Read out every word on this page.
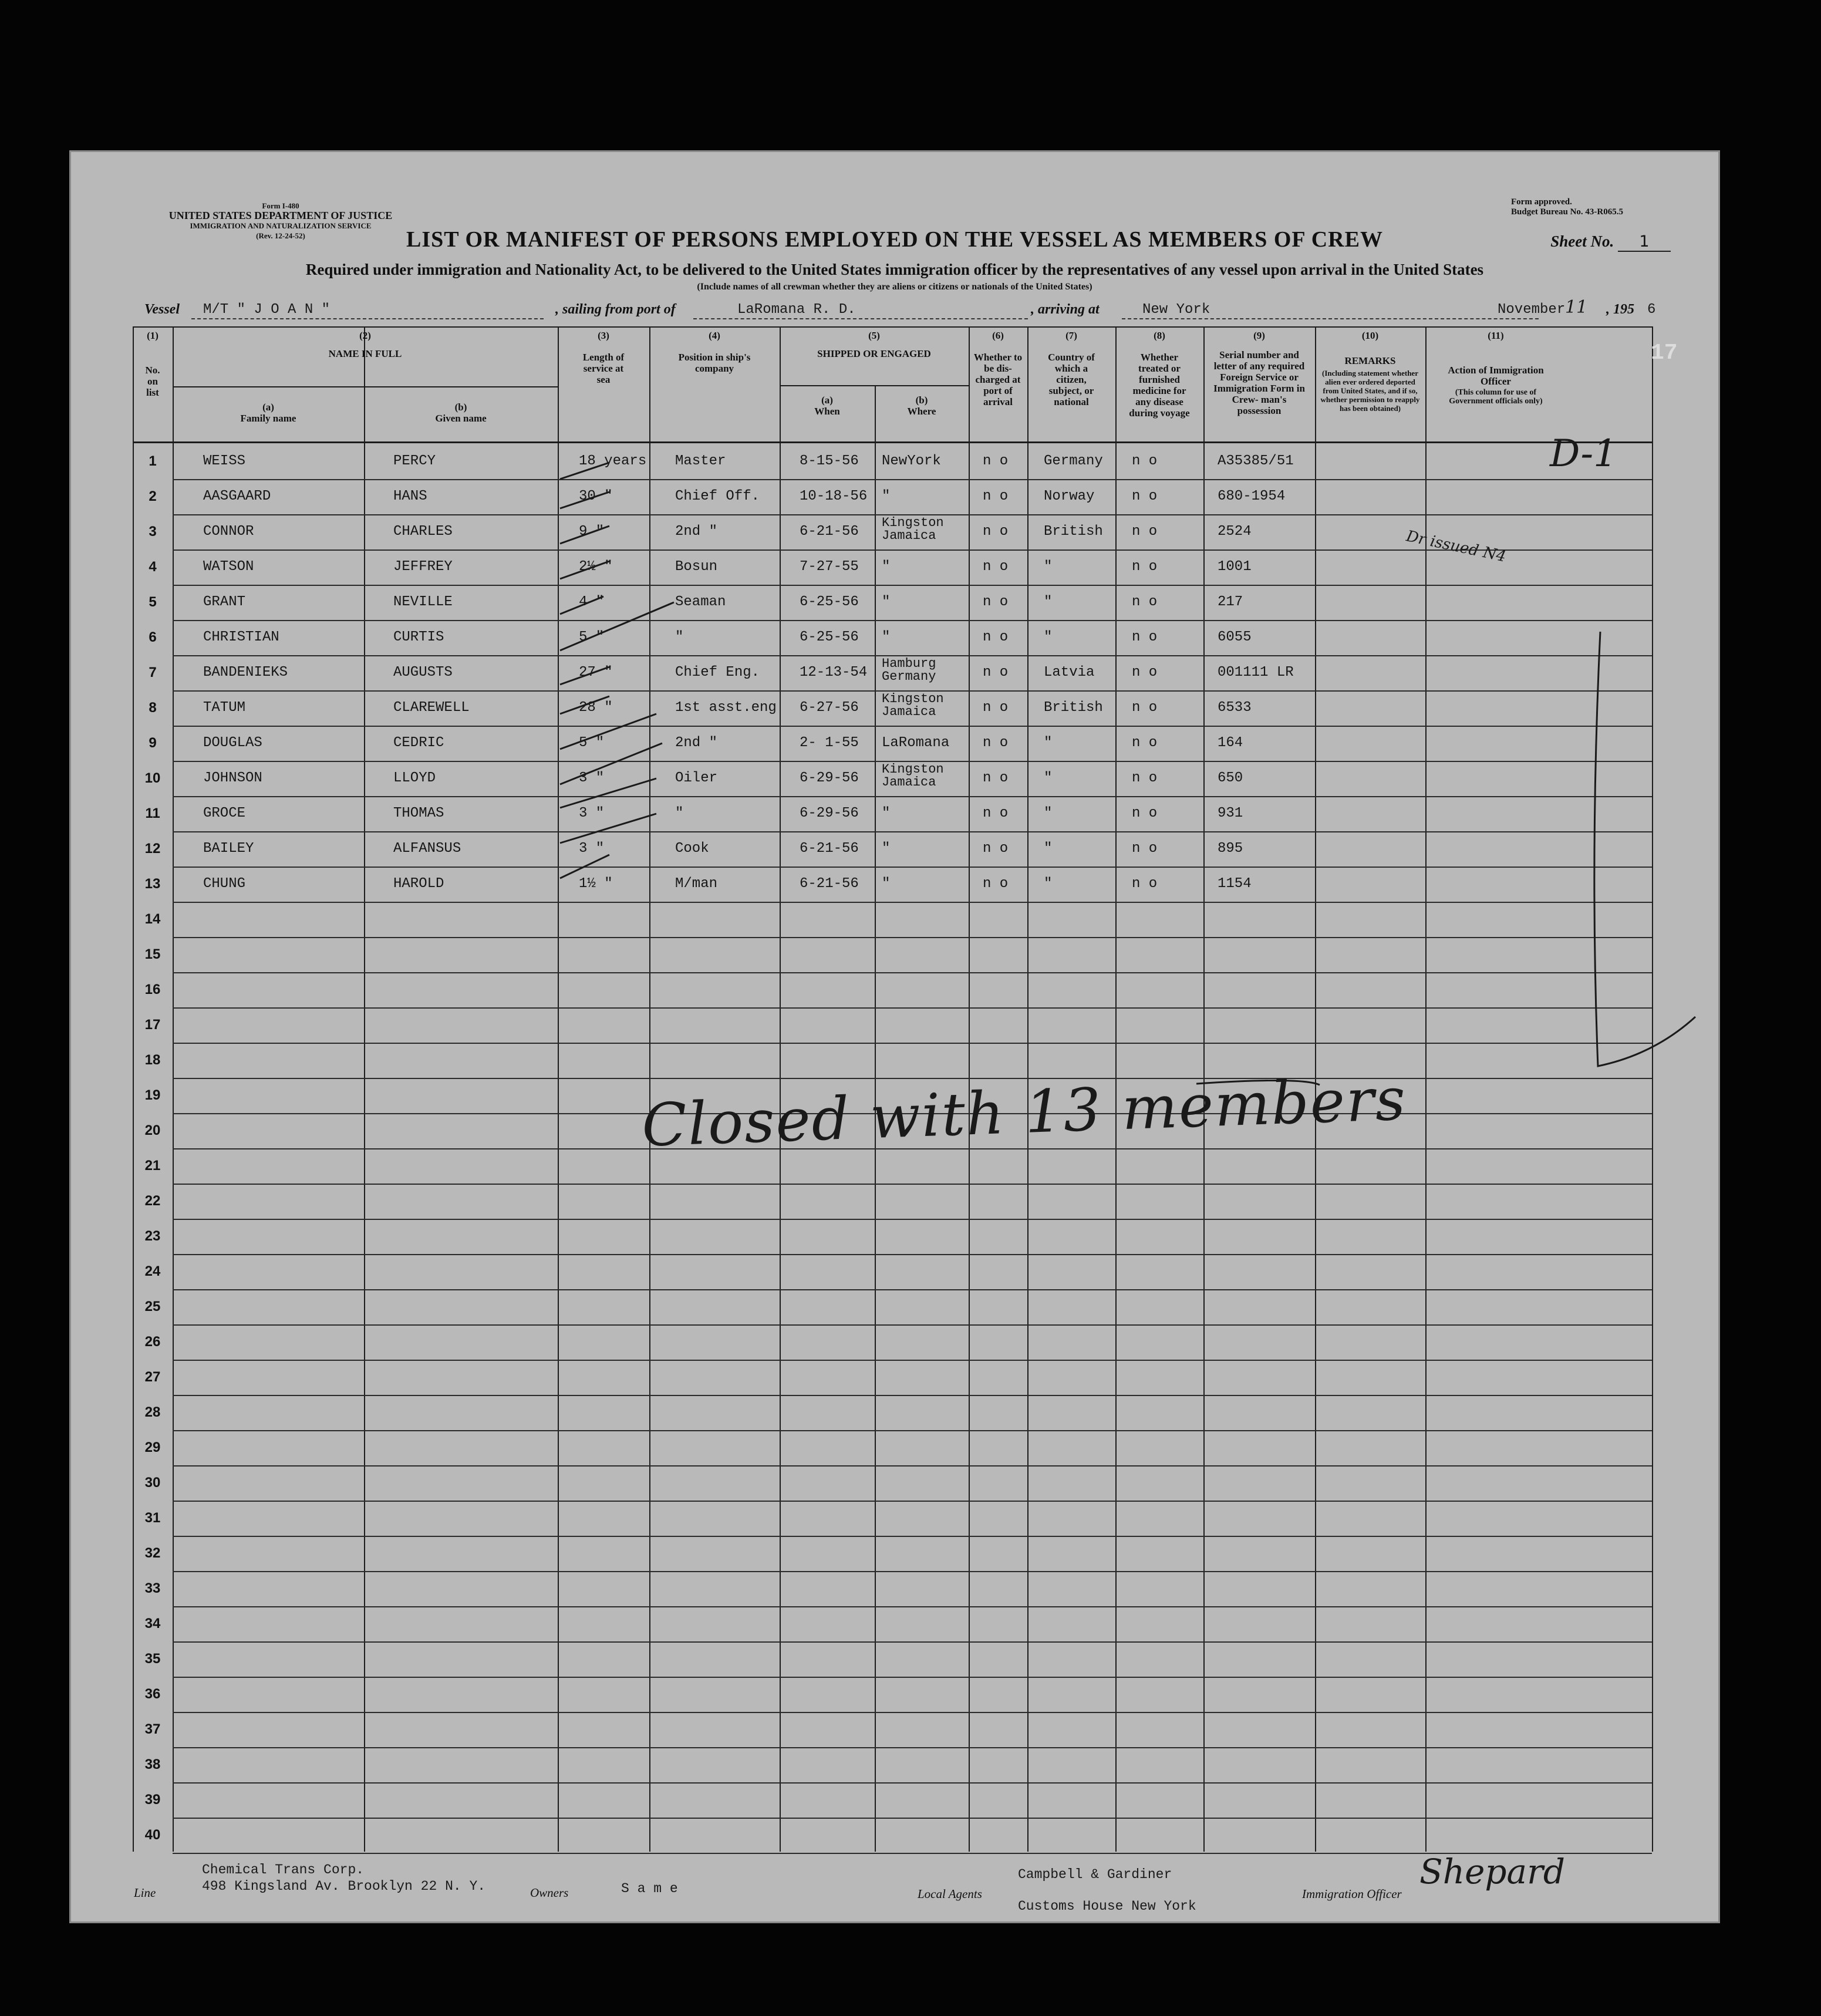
Form I-480
UNITED STATES DEPARTMENT OF JUSTICE
IMMIGRATION AND NATURALIZATION SERVICE
(Rev. 12-24-52)
Form approved.
Budget Bureau No. 43-R065.5
LIST OR MANIFEST OF PERSONS EMPLOYED ON THE VESSEL AS MEMBERS OF CREW	Sheet No. 1
Required under immigration and Nationality Act, to be delivered to the United States immigration officer by the representatives of any vessel upon arrival in the United States
(Include names of all crewman whether they are aliens or citizens or nationals of the United States)
Vessel M/T " J O A N "	, sailing from port of	LaRomana R. D.	, arriving at	New York	November 11 , 195 6
(1)
No. on list
(2)
NAME IN FULL
(a)
Family name
(b)
Given name
(3)
Length of service at sea
(4)
Position in ship's company
(5)
SHIPPED OR ENGAGED
(a)
When
(b)
Where
(6)
Whether to be dis- charged at port of arrival
(7)
Country of which a citizen, subject, or national
(8)
Whether treated or furnished medicine for any disease during voyage
(9)
Serial number and letter of any required Foreign Service or Immigration Form in Crew- man's possession
(10)
REMARKS
(Including statement whether alien ever ordered deported from United States, and if so, whether permission to reapply has been obtained)
(11)
Action of Immigration Officer
(This column for use of Government officials only)
1	WEISS	PERCY	18 years Master	8-15-56 NewYork	n o	Germany n o	A35385/51
2	AASGAARD	HANS	30 "	Chief Off.	10-18-56 "	n o	Norway	n o	680-1954
3	CONNOR	CHARLES	9 "	2nd "	6-21-56
Kingston
Jamaica	n o	British n o	2524
4	WATSON	JEFFREY	2½ "	Bosun	7-27-55 "	n o	"	n o	1001
5	GRANT	NEVILLE	4 "	Seaman	6-25-56 "	n o	"	n o	217
6	CHRISTIAN	CURTIS	5 "	"	6-25-56 "	n o	"	n o	6055
7	BANDENIEKS	AUGUSTS	27 "	Chief Eng.	12-13-54
Hamburg
Germany	n o	Latvia	n o	001111 LR
8	TATUM	CLAREWELL	28 "	1st asst.eng 6-27-56
Kingston
Jamaica	n o	British n o	6533
9	DOUGLAS	CEDRIC	5 "	2nd "	2- 1-55 LaRomana n o	"	n o	164
10	JOHNSON	LLOYD	3 "	Oiler	6-29-56
Kingston
Jamaica	n o	"	n o	650
11	GROCE	THOMAS	3 "	"	6-29-56 "	n o	"	n o	931
12	BAILEY	ALFANSUS	3 "	Cook	6-21-56 "	n o	"	n o	895
13	CHUNG	HAROLD	1½ "	M/man	6-21-56 "	n o	"	n o	1154
14
15
16
17
18
19
20
21
22
23
24
25
26
27
28
29
30
31
32
33
34
35
36
37
38
39
40
Closed with 13 members
D-1
Dr issued N4
Line
Chemical Trans Corp.
498 Kingsland Av. Brooklyn 22 N. Y.	Owners	S a m e	Local Agents
Campbell & Gardiner
Customs House New York
Immigration Officer
Shepard
17
